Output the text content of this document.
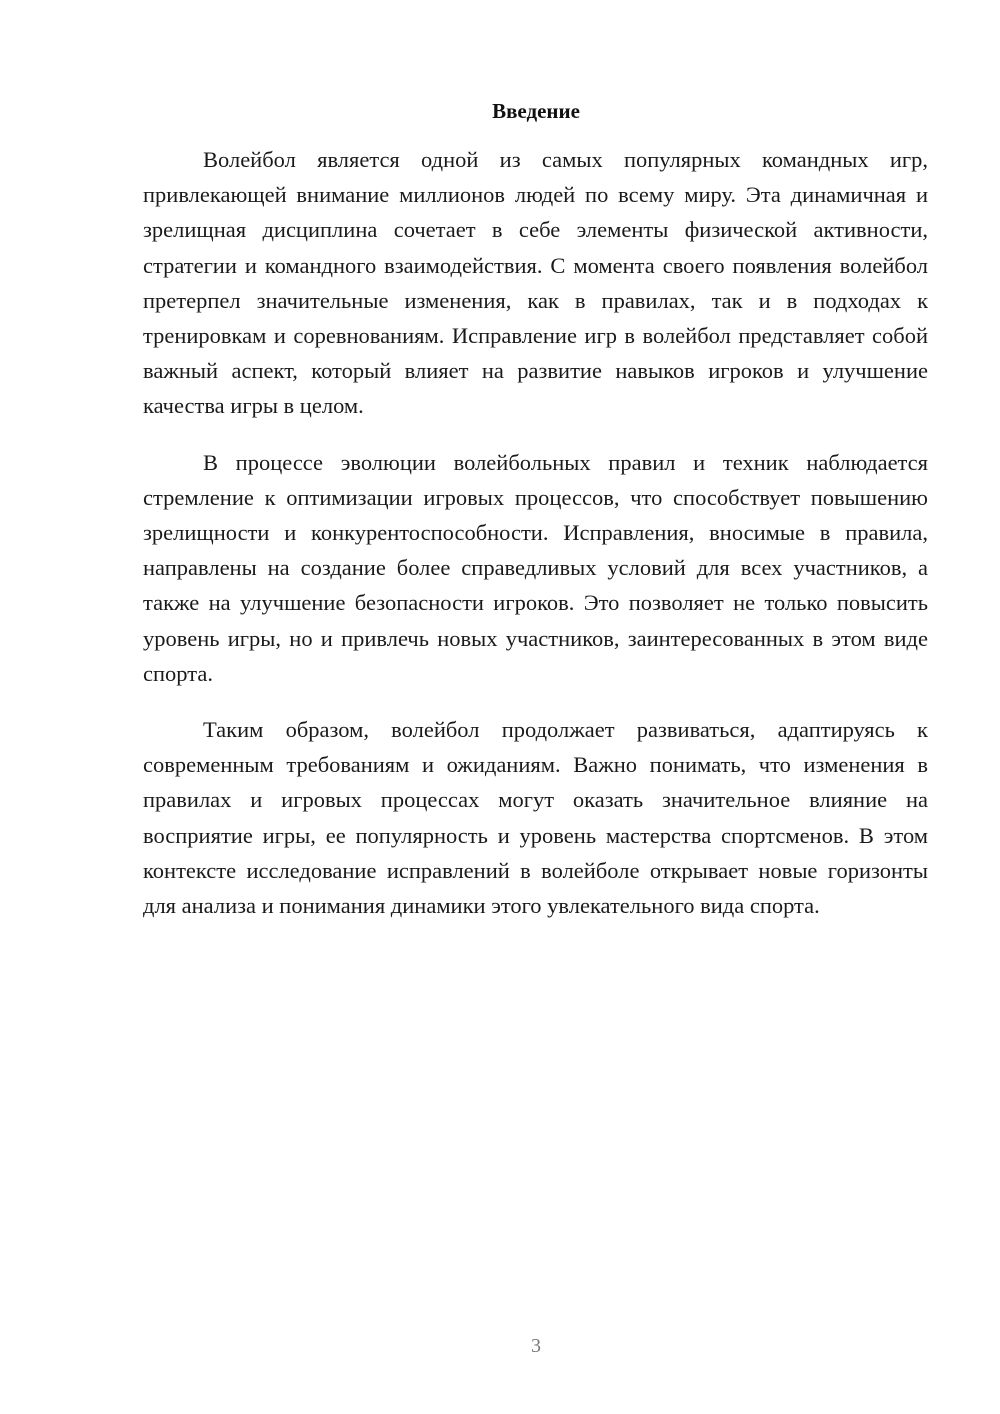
Введение

Волейбол является одной из самых популярных командных игр, привлекающей внимание миллионов людей по всему миру. Эта динамичная и зрелищная дисциплина сочетает в себе элементы физической активности, стратегии и командного взаимодействия. С момента своего появления волейбол претерпел значительные изменения, как в правилах, так и в подходах к тренировкам и соревнованиям. Исправление игр в волейбол представляет собой важный аспект, который влияет на развитие навыков игроков и улучшение качества игры в целом.

В процессе эволюции волейбольных правил и техник наблюдается стремление к оптимизации игровых процессов, что способствует повышению зрелищности и конкурентоспособности. Исправления, вносимые в правила, направлены на создание более справедливых условий для всех участников, а также на улучшение безопасности игроков. Это позволяет не только повысить уровень игры, но и привлечь новых участников, заинтересованных в этом виде спорта.

Таким образом, волейбол продолжает развиваться, адаптируясь к современным требованиям и ожиданиям. Важно понимать, что изменения в правилах и игровых процессах могут оказать значительное влияние на восприятие игры, ее популярность и уровень мастерства спортсменов. В этом контексте исследование исправлений в волейболе открывает новые горизонты для анализа и понимания динамики этого увлекательного вида спорта.

3
